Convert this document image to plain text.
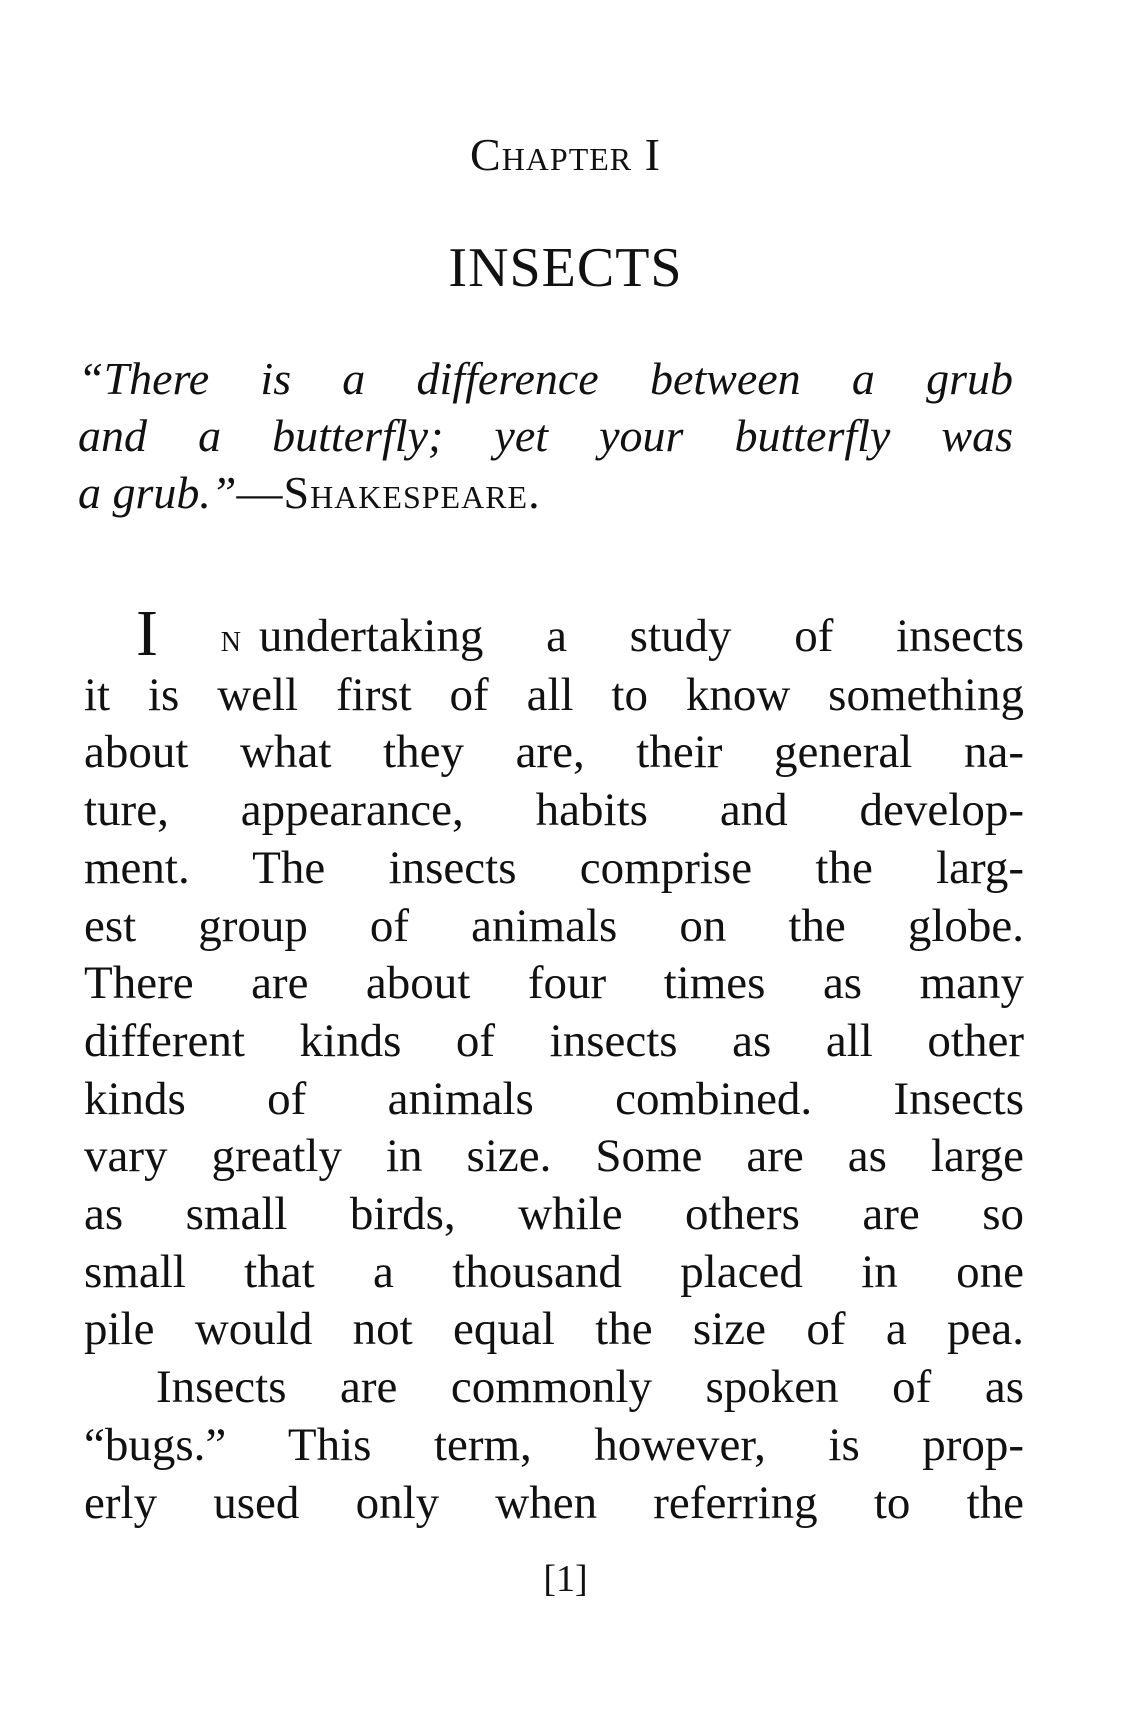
Chapter I
INSECTS
“There is a difference between a grub
and a butterfly; yet your butterfly was
a grub.”—Shakespeare.
I n undertaking a study of insects
it is well first of all to know something
about what they are, their general na-
ture, appearance, habits and develop-
ment. The insects comprise the larg-
est group of animals on the globe.
There are about four times as many
different kinds of insects as all other
kinds of animals combined. Insects
vary greatly in size. Some are as large
as small birds, while others are so
small that a thousand placed in one
pile would not equal the size of a pea.
Insects are commonly spoken of as
“bugs.” This term, however, is prop-
erly used only when referring to the
[1]
